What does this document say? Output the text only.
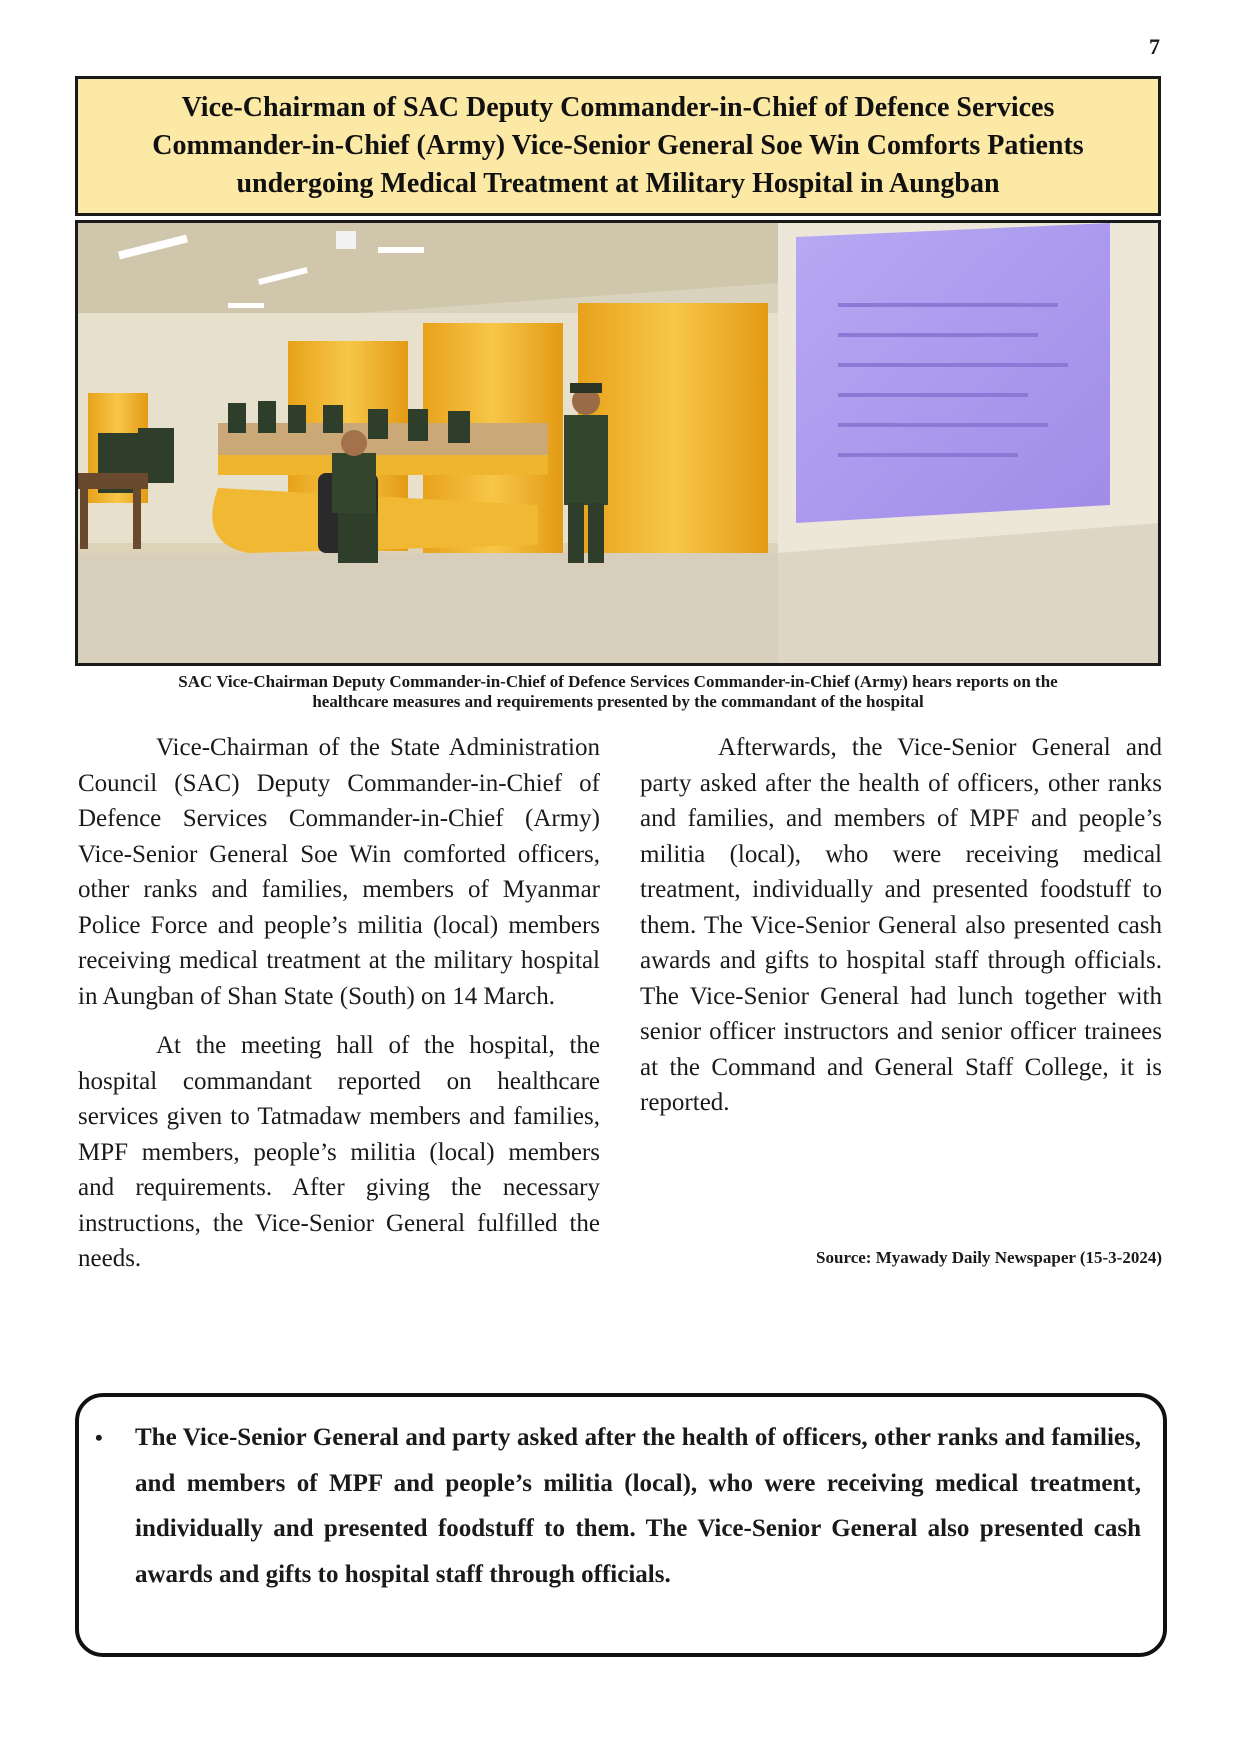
7
Vice-Chairman of SAC Deputy Commander-in-Chief of Defence Services
Commander-in-Chief (Army) Vice-Senior General Soe Win Comforts Patients
undergoing Medical Treatment at Military Hospital in Aungban
SAC Vice-Chairman Deputy Commander-in-Chief of Defence Services Commander-in-Chief (Army) hears reports on the
healthcare measures and requirements presented by the commandant of the hospital

Vice-Chairman of the State Administration Council (SAC) Deputy Commander-in-Chief of Defence Services Commander-in-Chief (Army) Vice-Senior General Soe Win comforted officers, other ranks and families, members of Myanmar Police Force and people’s militia (local) members receiving medical treatment at the military hospital in Aungban of Shan State (South) on 14 March.

At the meeting hall of the hospital, the hospital commandant reported on healthcare services given to Tatmadaw members and families, MPF members, people’s militia (local) members and requirements. After giving the necessary instructions, the Vice-Senior General fulfilled the needs.

Afterwards, the Vice-Senior General and party asked after the health of officers, other ranks and families, and members of MPF and people’s militia (local), who were receiving medical treatment, individually and presented foodstuff to them. The Vice-Senior General also presented cash awards and gifts to hospital staff through officials. The Vice-Senior General had lunch together with senior officer instructors and senior officer trainees at the Command and General Staff College, it is reported.

Source: Myawady Daily Newspaper (15-3-2024)
• The Vice-Senior General and party asked after the health of officers, other ranks and families, and members of MPF and people’s militia (local), who were receiving medical treatment, individually and presented foodstuff to them. The Vice-Senior General also presented cash awards and gifts to hospital staff through officials.
